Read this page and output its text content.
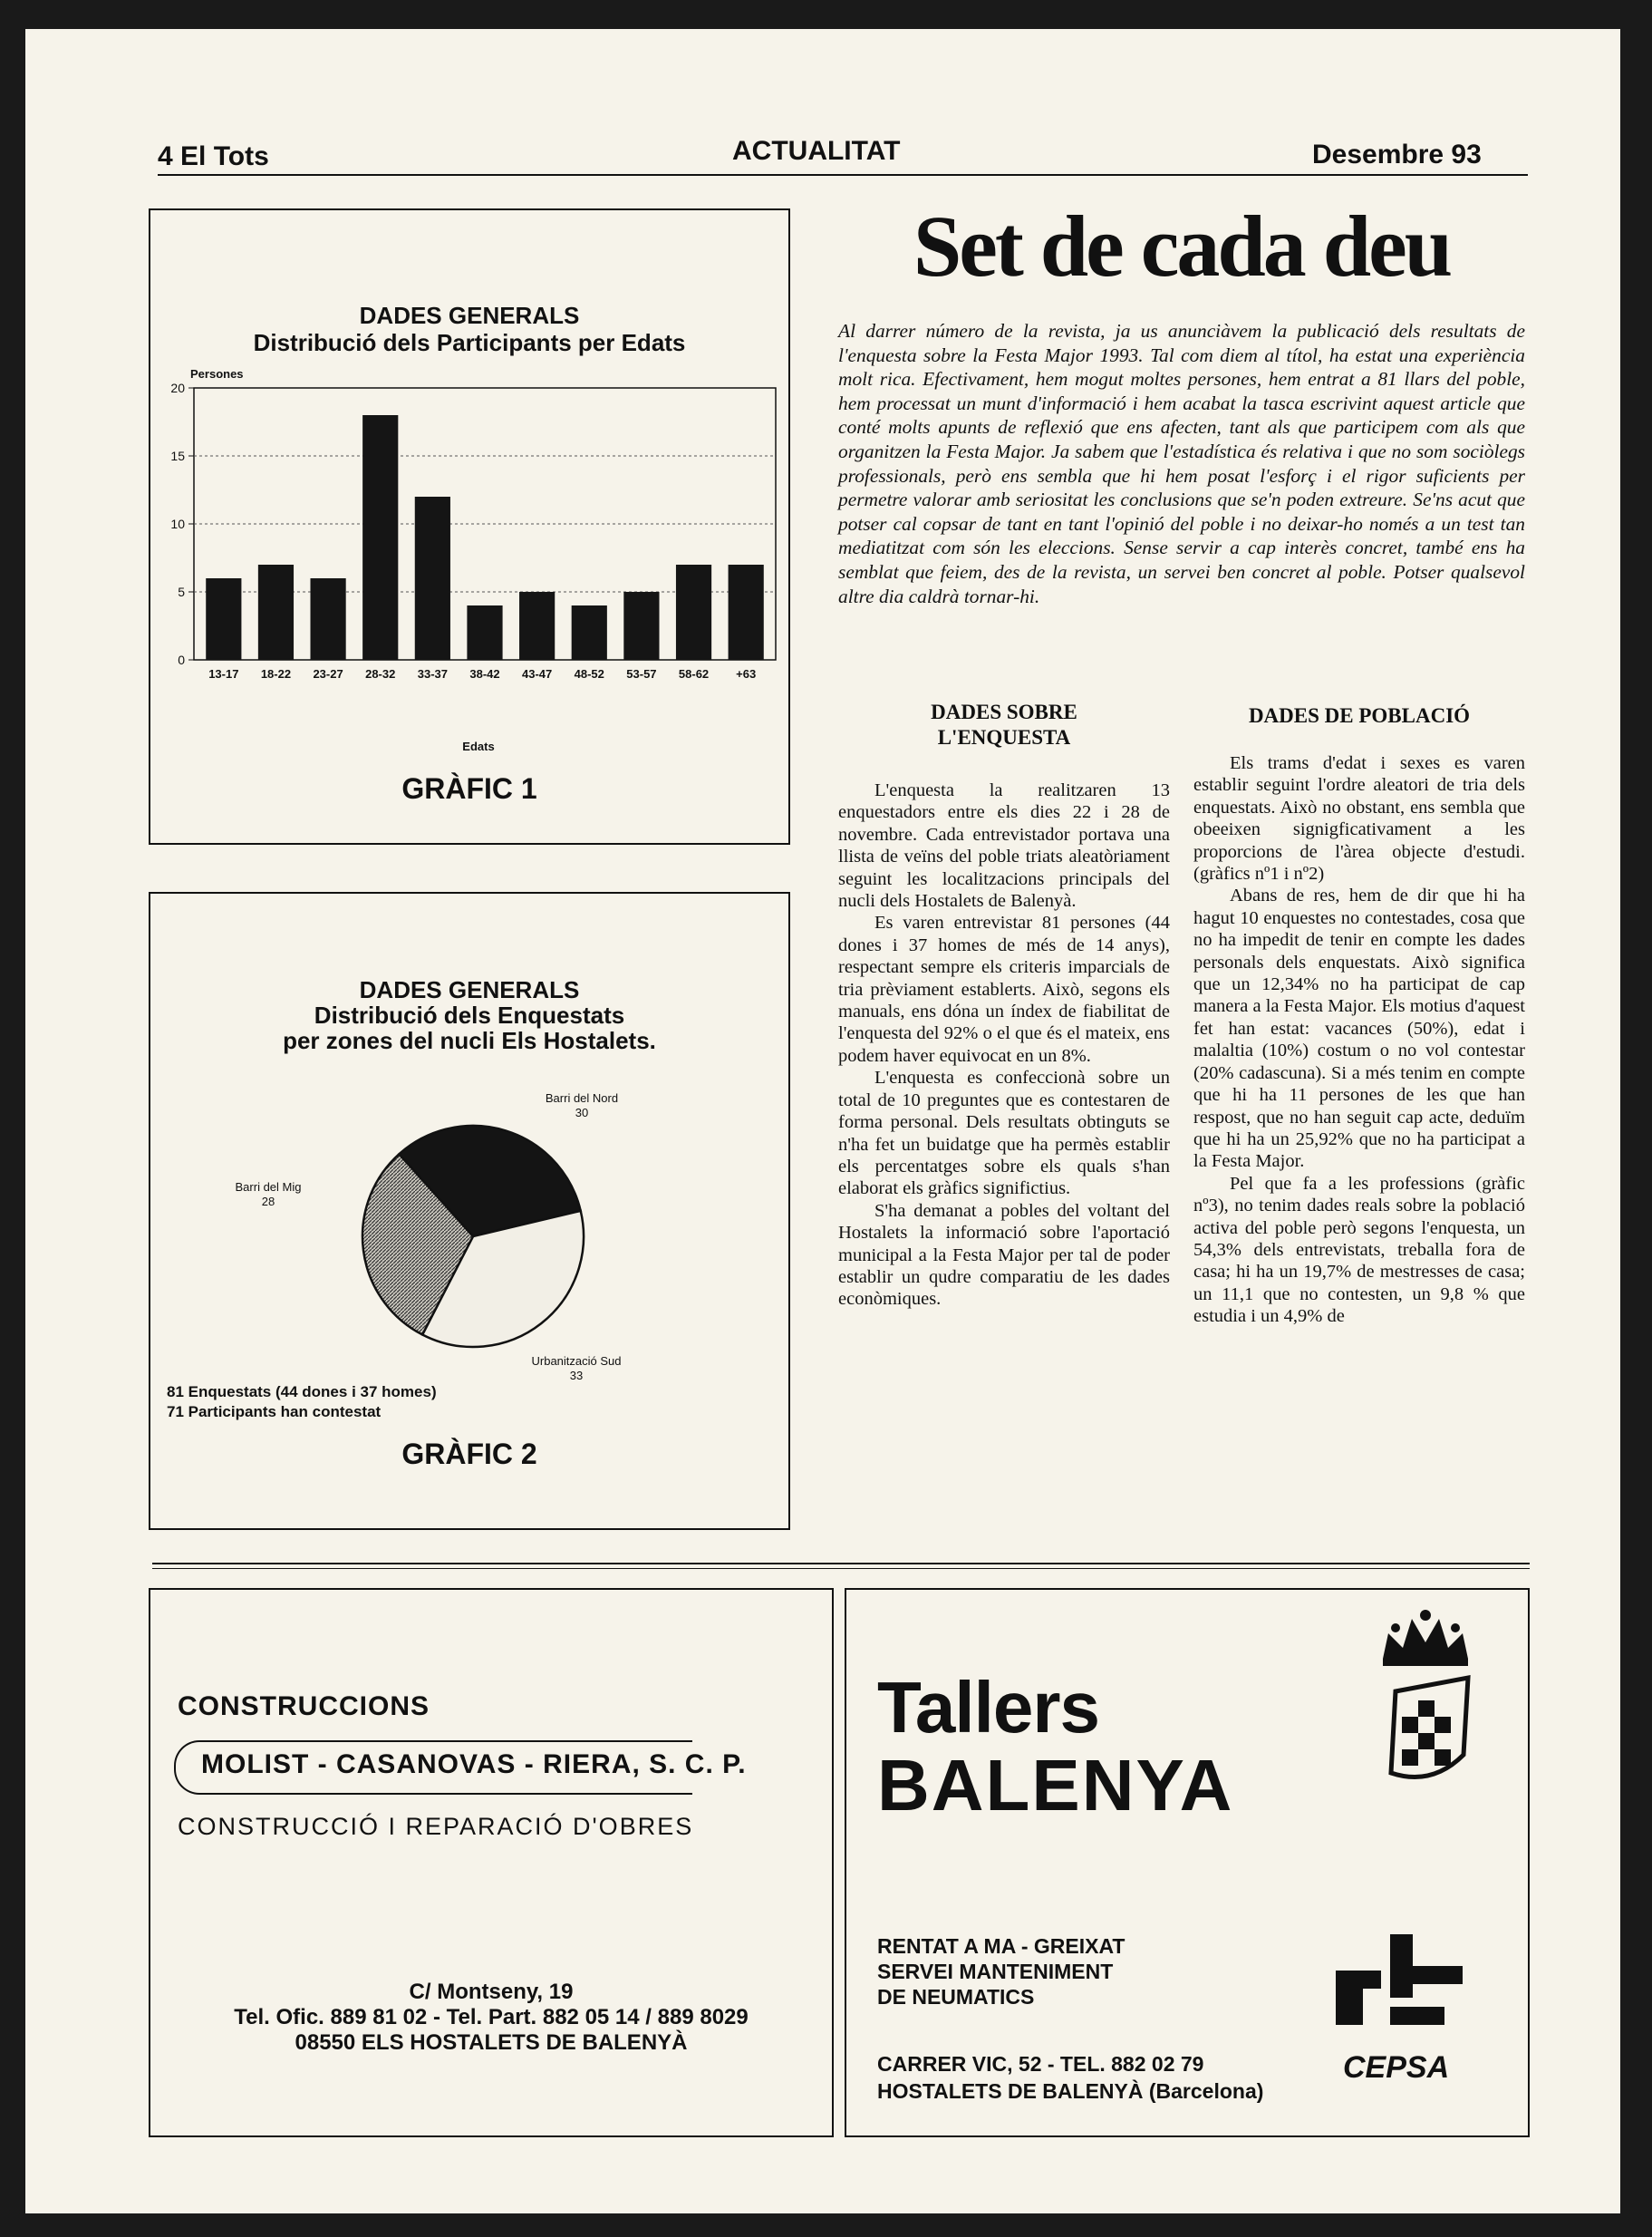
4 El Tots	ACTUALITAT	Desembre 93
DADES GENERALS
Distribució dels Participants per Edats
0
5
10
15
20
13-17 18-22 23-27 28-32 33-37 38-42 43-47 48-52 53-57 58-62 +63
Persones
Edats
GRÀFIC 1
DADES GENERALS
Distribució dels Enquestats
per zones del nucli Els Hostalets.
Barri del Nord
30
Urbanització Sud
33
Barri del Mig
28
81 Enquestats (44 dones i 37 homes)
71 Participants han contestat
GRÀFIC 2
Set de cada deu
Al darrer número de la revista, ja us anunciàvem la publicació dels resultats de l'enquesta sobre la Festa Major 1993. Tal com diem al títol, ha estat una experiència molt rica. Efectivament, hem mogut moltes persones, hem entrat a 81 llars del poble, hem processat un munt d'informació i hem acabat la tasca escrivint aquest article que conté molts apunts de reflexió que ens afecten, tant als que participem com als que organitzen la Festa Major. Ja sabem que l'estadística és relativa i que no som sociòlegs professionals, però ens sembla que hi hem posat l'esforç i el rigor suficients per permetre valorar amb seriositat les conclusions que se'n poden extreure. Se'ns acut que potser cal copsar de tant en tant l'opinió del poble i no deixar-ho només a un test tan mediatitzat com són les eleccions. Sense servir a cap interès concret, també ens ha semblat que feiem, des de la revista, un servei ben concret al poble. Potser qualsevol altre dia caldrà tornar-hi.
DADES SOBRE
L'ENQUESTA

L'enquesta la realitzaren 13 enquestadors entre els dies 22 i 28 de novembre. Cada entrevistador portava una llista de veïns del poble triats aleatòriament seguint les localitzacions principals del nucli dels Hostalets de Balenyà.

Es varen entrevistar 81 persones (44 dones i 37 homes de més de 14 anys), respectant sempre els criteris imparcials de tria prèviament establerts. Això, segons els manuals, ens dóna un índex de fiabilitat de l'enquesta del 92% o el que és el mateix, ens podem haver equivocat en un 8%.

L'enquesta es confeccionà sobre un total de 10 preguntes que es contestaren de forma personal. Dels resultats obtinguts se n'ha fet un buidatge que ha permès establir els percentatges sobre els quals s'han elaborat els gràfics significtius.

S'ha demanat a pobles del voltant del Hostalets la informació sobre l'aportació municipal a la Festa Major per tal de poder establir un qudre comparatiu de les dades econòmiques.

DADES DE POBLACIÓ

Els trams d'edat i sexes es varen establir seguint l'ordre aleatori de tria dels enquestats. Això no obstant, ens sembla que obeeixen signigficativament a les proporcions de l'àrea objecte d'estudi. (gràfics nº1 i nº2)

Abans de res, hem de dir que hi ha hagut 10 enquestes no contestades, cosa que no ha impedit de tenir en compte les dades personals dels enquestats. Això significa que un 12,34% no ha participat de cap manera a la Festa Major. Els motius d'aquest fet han estat: vacances (50%), edat i malaltia (10%) costum o no vol contestar (20% cadascuna). Si a més tenim en compte que hi ha 11 persones de les que han respost, que no han seguit cap acte, deduïm que hi ha un 25,92% que no ha participat a la Festa Major.

Pel que fa a les professions (gràfic nº3), no tenim dades reals sobre la població activa del poble però segons l'enquesta, un 54,3% dels entrevistats, treballa fora de casa; hi ha un 19,7% de mestresses de casa; un 11,1 que no contesten, un 9,8 % que estudia i un 4,9% de

CONSTRUCCIONS
MOLIST - CASANOVAS - RIERA, S. C. P.
CONSTRUCCIÓ I REPARACIÓ D'OBRES
C/ Montseny, 19
Tel. Ofic. 889 81 02 - Tel. Part. 882 05 14 / 889 8029
08550 ELS HOSTALETS DE BALENYÀ
Tallers
BALENYA
RENTAT A MA - GREIXAT
SERVEI MANTENIMENT
DE NEUMATICS
CARRER VIC, 52 - TEL. 882 02 79
HOSTALETS DE BALENYÀ (Barcelona)
CEPSA
